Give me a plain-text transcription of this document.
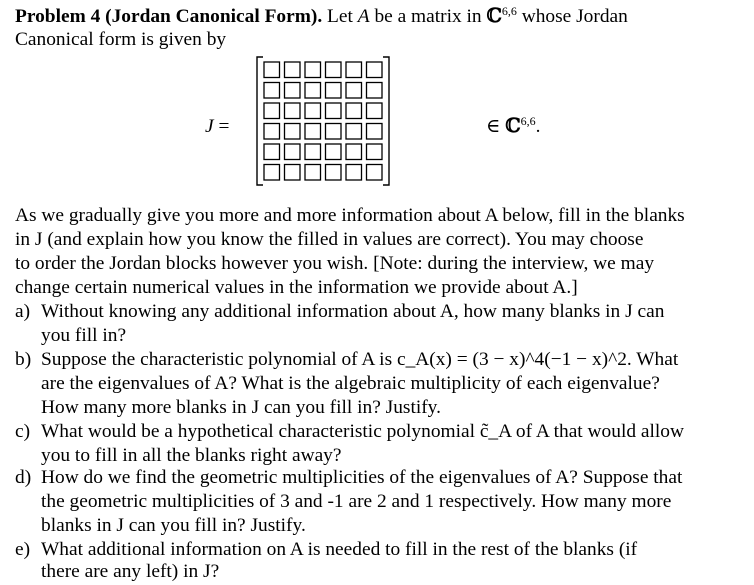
Problem 4 (Jordan Canonical Form). Let A be a matrix in ℂ$^{6,6}$ whose Jordan
Canonical form is given by
J =	∈ ℂ$^{6,6}$.
As we gradually give you more and more information about A below, fill in the blanks
in J (and explain how you know the filled in values are correct). You may choose
to order the Jordan blocks however you wish. [Note: during the interview, we may
change certain numerical values in the information we provide about A.]
a) Without knowing any additional information about A, how many blanks in J can
you fill in?
b) Suppose the characteristic polynomial of A is c_A(x) = (3 − x)^4(−1 − x)^2. What
are the eigenvalues of A? What is the algebraic multiplicity of each eigenvalue?
How many more blanks in J can you fill in? Justify.
c) What would be a hypothetical characteristic polynomial c̃_A of A that would allow
you to fill in all the blanks right away?
d) How do we find the geometric multiplicities of the eigenvalues of A? Suppose that
the geometric multiplicities of 3 and -1 are 2 and 1 respectively. How many more
blanks in J can you fill in? Justify.
e) What additional information on A is needed to fill in the rest of the blanks (if
there are any left) in J?
